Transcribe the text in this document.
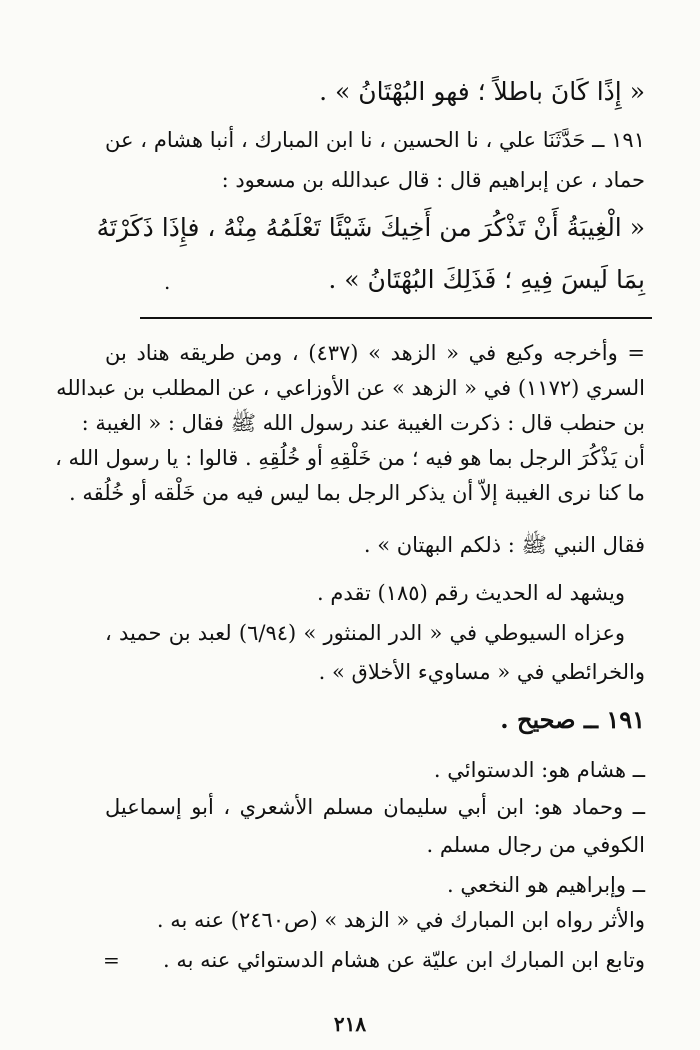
« إِذًا كَانَ باطلاً ؛ فهو البُهْتَانُ » .
١٩١ ــ حَدَّثَنَا علي ، نا الحسين ، نا ابن المبارك ، أنبا هشام ، عن
حماد ، عن إبراهيم قال : قال عبدالله بن مسعود :
« الْغِيبَةُ أَنْ تَذْكُرَ من أَخِيكَ شَيْئًا تَعْلَمُهُ مِنْهُ ، فإِذَا ذَكَرْتَهُ
بِمَا لَيسَ فِيهِ ؛ فَذَلِكَ البُهْتَانُ » .
.
= وأخرجه وكيع في « الزهد » (٤٣٧) ، ومن طريقه هناد بن
السري (١١٧٢) في « الزهد » عن الأوزاعي ، عن المطلب بن عبدالله
بن حنطب قال : ذكرت الغيبة عند رسول الله ﷺ فقال : « الغيبة :
أن يَذْكُرَ الرجل بما هو فيه ؛ من خَلْقِهِ أو خُلُقِهِ . قالوا : يا رسول الله ،
ما كنا نرى الغيبة إلاّ أن يذكر الرجل بما ليس فيه من خَلْقه أو خُلُقه .
فقال النبي ﷺ : ذلكم البهتان » .
ويشهد له الحديث رقم (١٨٥) تقدم .
وعزاه السيوطي في « الدر المنثور » (٦/٩٤) لعبد بن حميد ،
والخرائطي في « مساويء الأخلاق » .
١٩١ ــ صحيح .
ــ هشام هو: الدستوائي .
ــ وحماد هو: ابن أبي سليمان مسلم الأشعري ، أبو إسماعيل
الكوفي من رجال مسلم .
ــ وإبراهيم هو النخعي .
والأثر رواه ابن المبارك في « الزهد » (ص٢٤٦٠) عنه به .
وتابع ابن المبارك ابن عليّة عن هشام الدستوائي عنه به .
=
٢١٨
